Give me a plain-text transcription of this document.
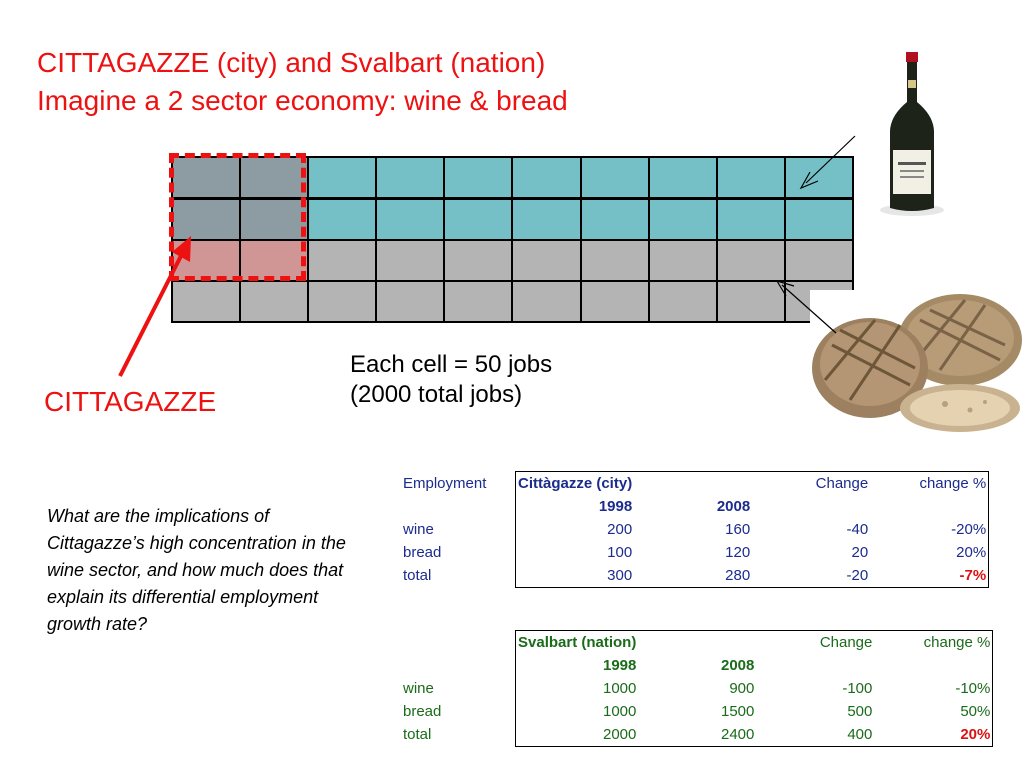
CITTAGAZZE (city) and Svalbart (nation)
Imagine a 2 sector economy: wine & bread
CITTAGAZZE
Each cell = 50 jobs
(2000 total jobs)
What are the implications of Cittagazze’s high concentration in the wine sector, and how much does that explain its differential employment growth rate?
Employment	Cittàgazze (city)		Change	change %
	1998	2008		
wine	200	160	-40	-20%
bread	100	120	20	20%
total	300	280	-20	-7%
	Svalbart (nation)		Change	change %
	1998	2008		
wine	1000	900	-100	-10%
bread	1000	1500	500	50%
total	2000	2400	400	20%
